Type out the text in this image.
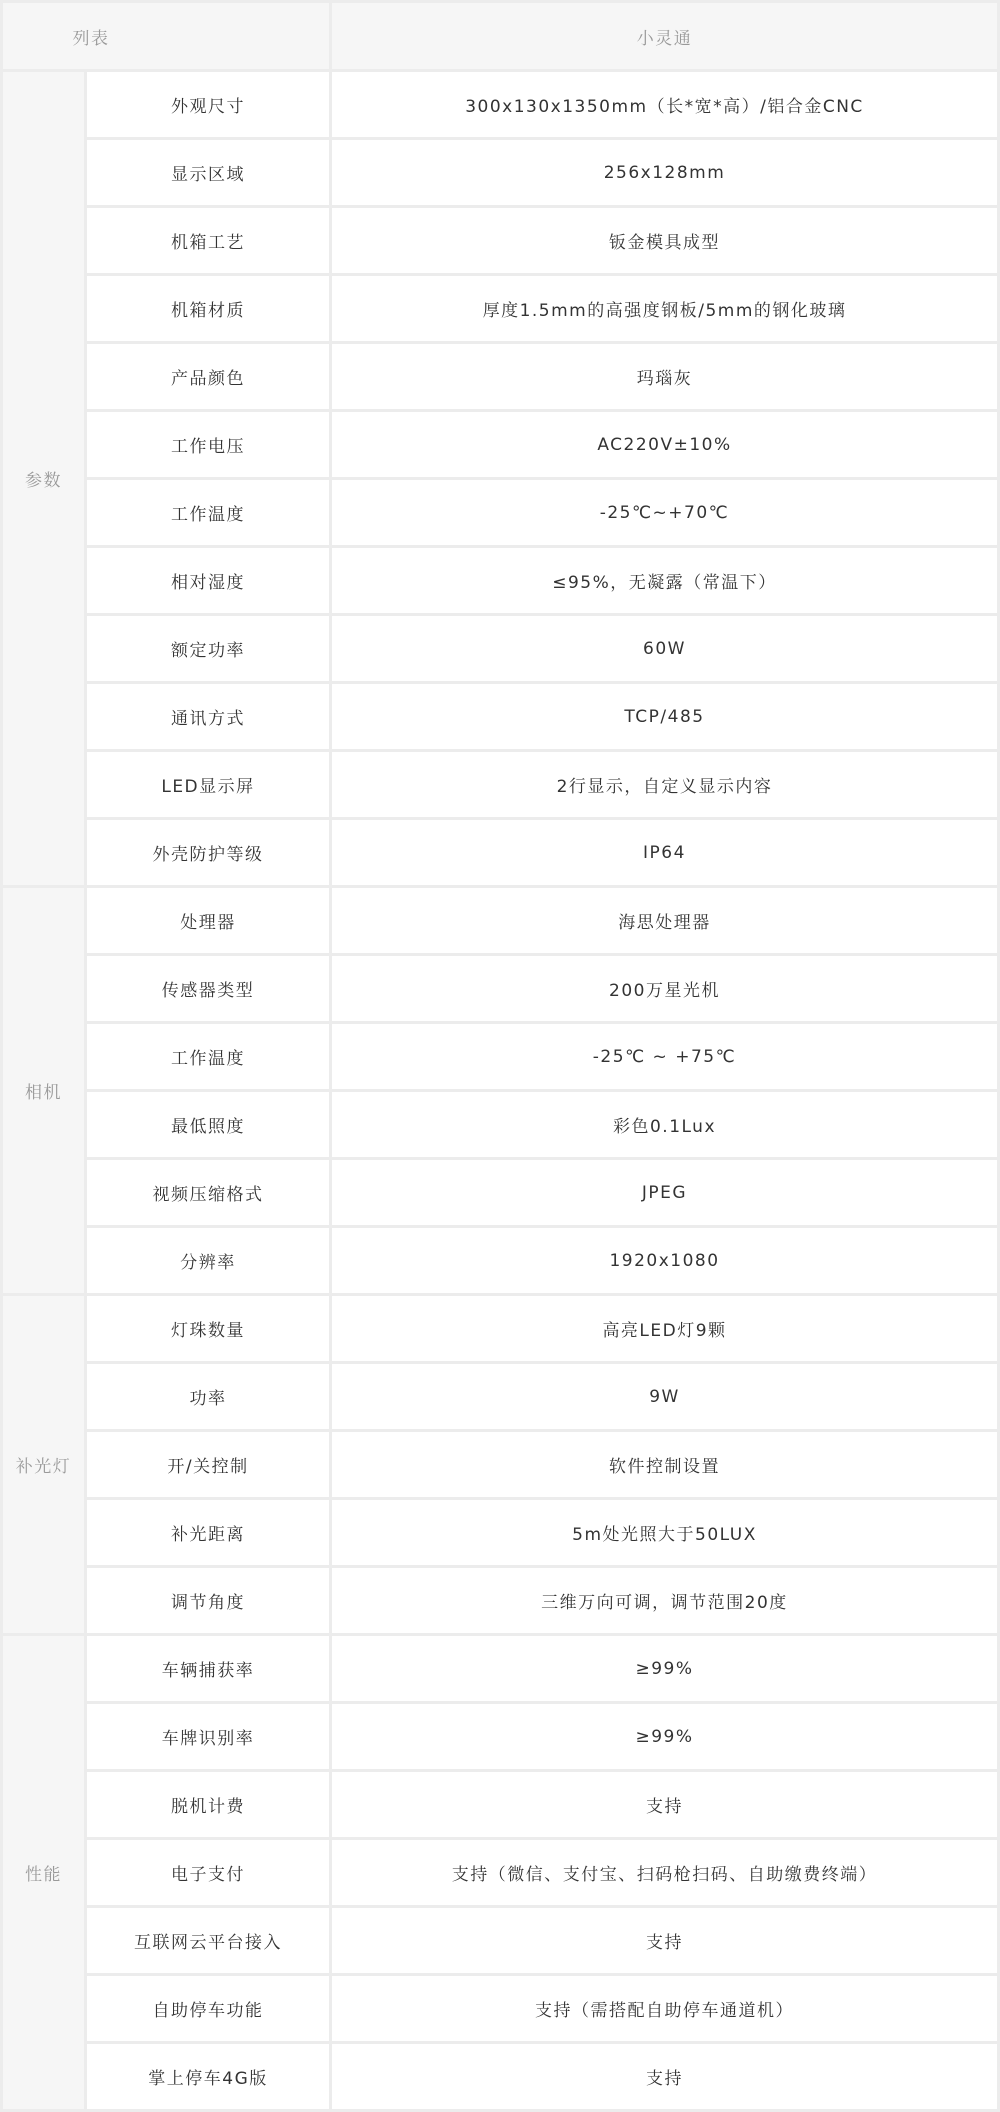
列表		小灵通
参数	外观尺寸	300x130x1350mm（长*宽*高）/铝合金CNC
	显示区域	256x128mm
	机箱工艺	钣金模具成型
	机箱材质	厚度1.5mm的高强度钢板/5mm的钢化玻璃
	产品颜色	玛瑙灰
	工作电压	AC220V±10%
	工作温度	-25℃~+70℃
	相对湿度	≤95%，无凝露（常温下）
	额定功率	60W
	通讯方式	TCP/485
	LED显示屏	2行显示，自定义显示内容
	外壳防护等级	IP64
相机	处理器	海思处理器
	传感器类型	200万星光机
	工作温度	-25℃ ~ +75℃
	最低照度	彩色0.1Lux
	视频压缩格式	JPEG
	分辨率	1920x1080
补光灯	灯珠数量	高亮LED灯9颗
	功率	9W
	开/关控制	软件控制设置
	补光距离	5m处光照大于50LUX
	调节角度	三维万向可调，调节范围20度
性能	车辆捕获率	≥99%
	车牌识别率	≥99%
	脱机计费	支持
	电子支付	支持（微信、支付宝、扫码枪扫码、自助缴费终端）
	互联网云平台接入	支持
	自助停车功能	支持（需搭配自助停车通道机）
	掌上停车4G版	支持
